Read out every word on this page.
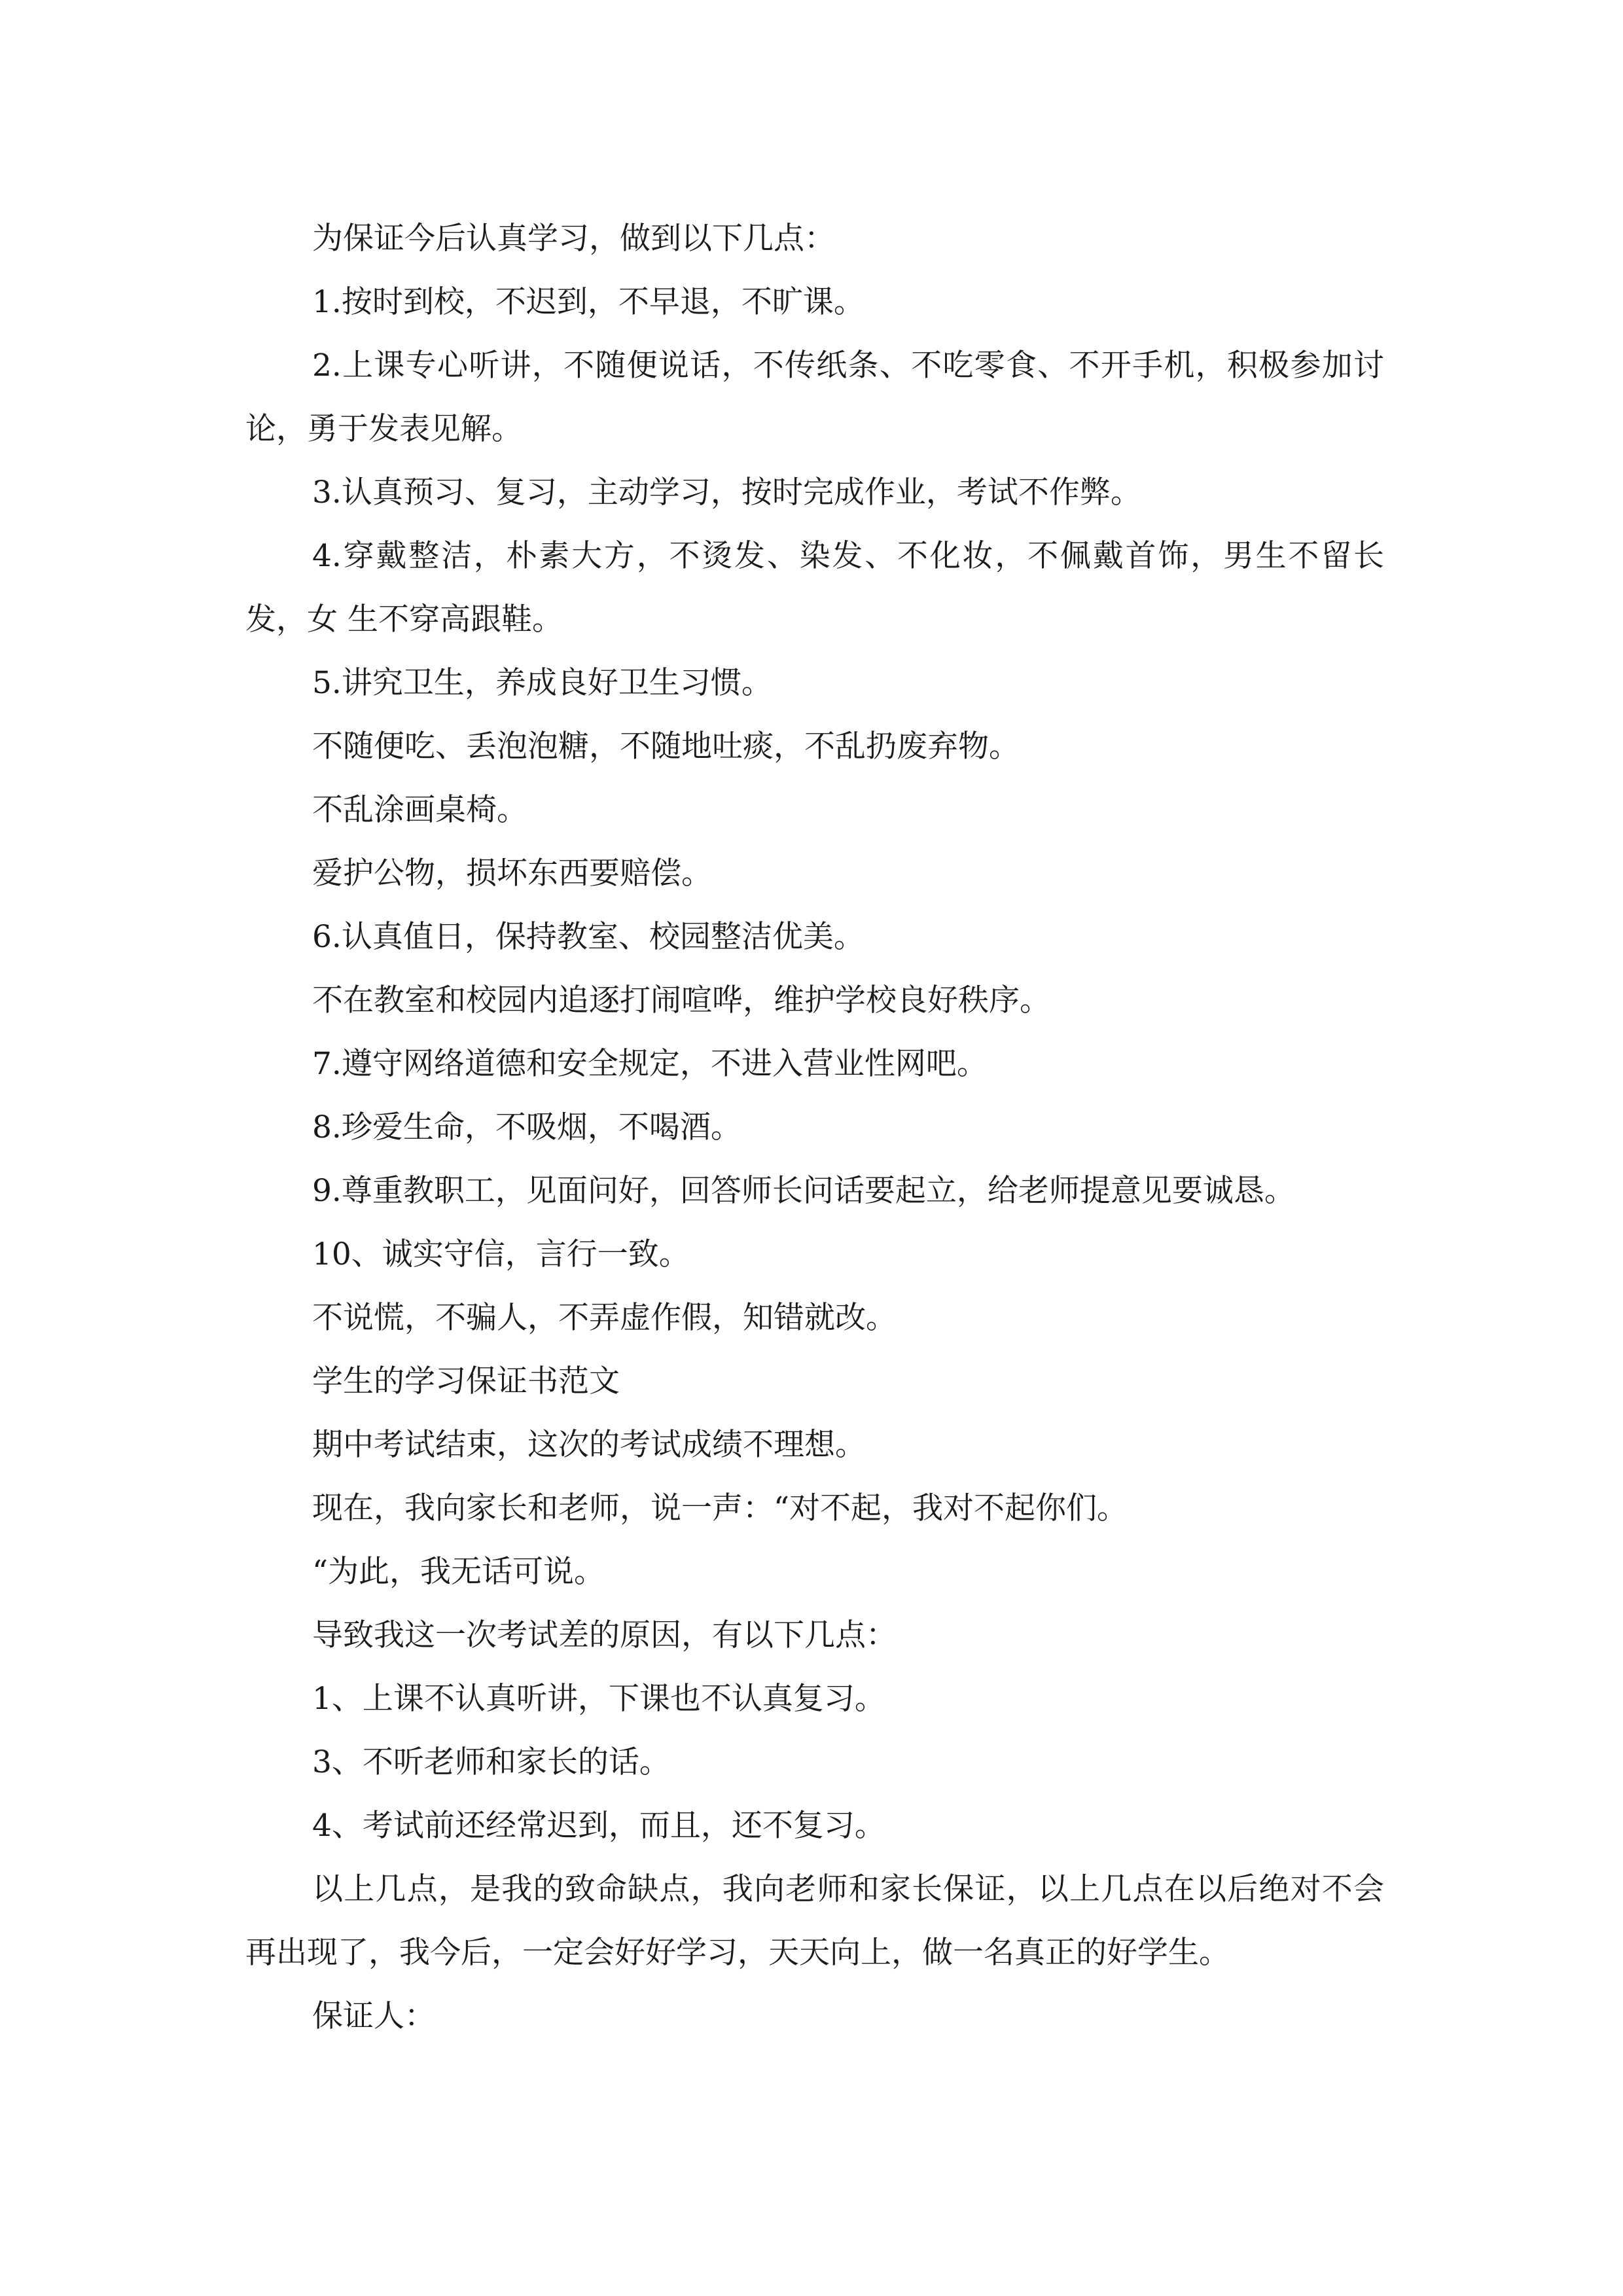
为保证今后认真学习，做到以下几点：

1.按时到校，不迟到，不早退，不旷课。

2.上课专心听讲，不随便说话，不传纸条、不吃零食、不开手机，积极参加讨论，勇于发表见解。

3.认真预习、复习，主动学习，按时完成作业，考试不作弊。

4.穿戴整洁，朴素大方，不烫发、染发、不化妆，不佩戴首饰，男生不留长发，女 生不穿高跟鞋。

5.讲究卫生，养成良好卫生习惯。

不随便吃、丢泡泡糖，不随地吐痰，不乱扔废弃物。

不乱涂画桌椅。

爱护公物，损坏东西要赔偿。

6.认真值日，保持教室、校园整洁优美。

不在教室和校园内追逐打闹喧哗，维护学校良好秩序。

7.遵守网络道德和安全规定，不进入营业性网吧。

8.珍爱生命，不吸烟，不喝酒。

9.尊重教职工，见面问好，回答师长问话要起立，给老师提意见要诚恳。

10、诚实守信，言行一致。

不说慌，不骗人，不弄虚作假，知错就改。

学生的学习保证书范文

期中考试结束，这次的考试成绩不理想。

现在，我向家长和老师，说一声：“对不起，我对不起你们。

“为此，我无话可说。

导致我这一次考试差的原因，有以下几点：

1、上课不认真听讲，下课也不认真复习。

3、不听老师和家长的话。

4、考试前还经常迟到，而且，还不复习。

以上几点，是我的致命缺点，我向老师和家长保证，以上几点在以后绝对不会再出现了，我今后，一定会好好学习，天天向上，做一名真正的好学生。

保证人：
